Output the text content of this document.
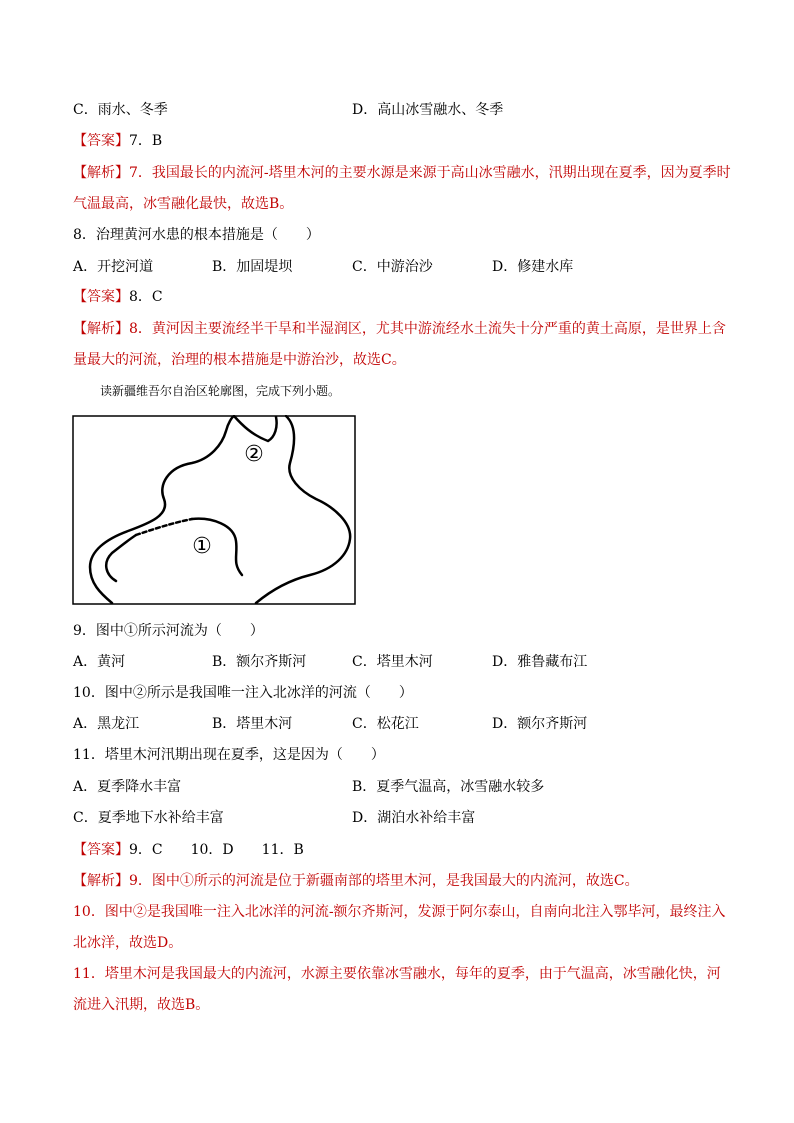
C．雨水、冬季	D．高山冰雪融水、冬季
【答案】7．B
【解析】7．我国最长的内流河-塔里木河的主要水源是来源于高山冰雪融水，汛期出现在夏季，因为夏季时
气温最高，冰雪融化最快，故选B。
8．治理黄河水患的根本措施是（　　）
A．开挖河道	B．加固堤坝	C．中游治沙	D．修建水库
【答案】8．C
【解析】8．黄河因主要流经半干旱和半湿润区，尤其中游流经水土流失十分严重的黄土高原，是世界上含
量最大的河流，治理的根本措施是中游治沙，故选C。
读新疆维吾尔自治区轮廓图，完成下列小题。
①
②
9．图中①所示河流为（　　）
A．黄河	B．额尔齐斯河	C．塔里木河	D．雅鲁藏布江
10．图中②所示是我国唯一注入北冰洋的河流（　　）
A．黑龙江	B．塔里木河	C．松花江	D．额尔齐斯河
11．塔里木河汛期出现在夏季，这是因为（　　）
A．夏季降水丰富	B．夏季气温高，冰雪融水较多
C．夏季地下水补给丰富	D．湖泊水补给丰富
【答案】9．C　　10．D　　11．B
【解析】9．图中①所示的河流是位于新疆南部的塔里木河，是我国最大的内流河，故选C。
10．图中②是我国唯一注入北冰洋的河流-额尔齐斯河，发源于阿尔泰山，自南向北注入鄂毕河，最终注入
北冰洋，故选D。
11．塔里木河是我国最大的内流河，水源主要依靠冰雪融水，每年的夏季，由于气温高，冰雪融化快，河
流进入汛期，故选B。
